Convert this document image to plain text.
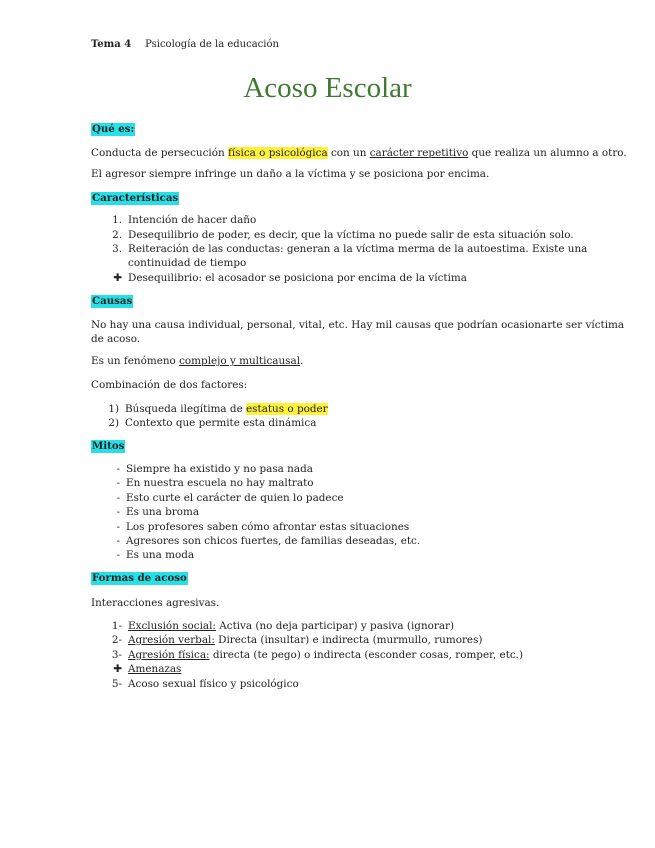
Tema 4 Psicología de la educación
Acoso Escolar
Qué es:
Conducta de persecución física o psicológica con un carácter repetitivo que realiza un alumno a otro.
El agresor siempre infringe un daño a la víctima y se posiciona por encima.
Características
1. Intención de hacer daño
2. Desequilibrio de poder, es decir, que la víctima no puede salir de esta situación solo.
3. Reiteración de las conductas: generan a la víctima merma de la autoestima. Existe una
continuidad de tiempo
✚ Desequilibrio: el acosador se posiciona por encima de la víctima
Causas
No hay una causa individual, personal, vital, etc. Hay mil causas que podrían ocasionarte ser víctima
de acoso.
Es un fenómeno complejo y multicausal.
Combinación de dos factores:
1) Búsqueda ilegítima de estatus o poder
2) Contexto que permite esta dinámica
Mitos
- Siempre ha existido y no pasa nada
- En nuestra escuela no hay maltrato
- Esto curte el carácter de quien lo padece
- Es una broma
- Los profesores saben cómo afrontar estas situaciones
- Agresores son chicos fuertes, de familias deseadas, etc.
- Es una moda
Formas de acoso
Interacciones agresivas.
1- Exclusión social: Activa (no deja participar) y pasiva (ignorar)
2- Agresión verbal: Directa (insultar) e indirecta (murmullo, rumores)
3- Agresión física: directa (te pego) o indirecta (esconder cosas, romper, etc.)
✚ Amenazas
5- Acoso sexual físico y psicológico
